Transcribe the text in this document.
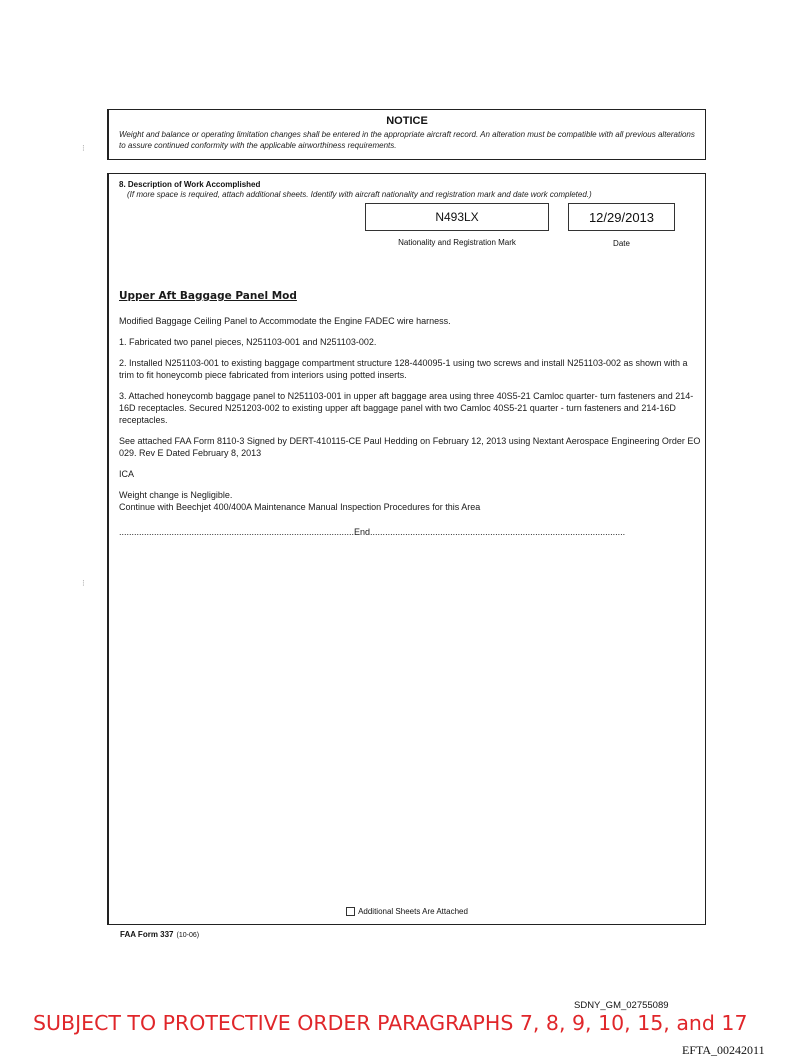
NOTICE
Weight and balance or operating limitation changes shall be entered in the appropriate aircraft record. An alteration must be compatible with all previous alterations to assure continued conformity with the applicable airworthiness requirements.
8. Description of Work Accomplished
(If more space is required, attach additional sheets. Identify with aircraft nationality and registration mark and date work completed.)
N493LX	12/29/2013
Nationality and Registration Mark	Date
Upper Aft Baggage Panel Mod
Modified Baggage Ceiling Panel to Accommodate the Engine FADEC wire harness.
1. Fabricated two panel pieces, N251103-001 and N251103-002.
2. Installed N251103-001 to existing baggage compartment structure 128-440095-1 using two screws and install N251103-002 as shown with a trim to fit honeycomb piece fabricated from interiors using potted inserts.
3. Attached honeycomb baggage panel to N251103-001 in upper aft baggage area using three 40S5-21 Camloc quarter- turn fasteners and 214-16D receptacles. Secured N251203-002 to existing upper aft baggage panel with two Camloc 40S5-21 quarter - turn fasteners and 214-16D receptacles.
See attached FAA Form 8110-3 Signed by DERT-410115-CE Paul Hedding on February 12, 2013 using Nextant Aerospace Engineering Order EO 029. Rev E Dated February 8, 2013
ICA
Weight change is Negligible.
Continue with Beechjet 400/400A Maintenance Manual Inspection Procedures for this Area
..............................................................................................End......................................................................................................
Additional Sheets Are Attached
FAA Form 337 (10-06)
SDNY_GM_02755089
SUBJECT TO PROTECTIVE ORDER PARAGRAPHS 7, 8, 9, 10, 15, and 17
EFTA_00242011
⁝
⁝
